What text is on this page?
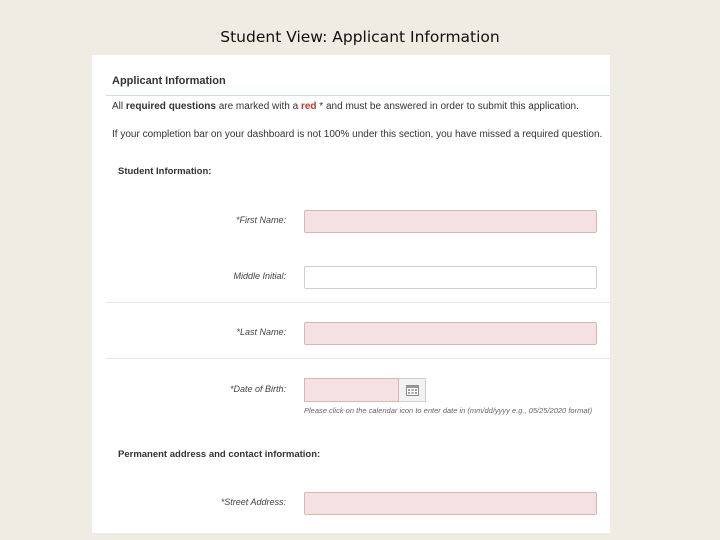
Student View: Applicant Information
Applicant Information
All required questions are marked with a red * and must be answered in order to submit this application.
If your completion bar on your dashboard is not 100% under this section, you have missed a required question.
Student Information:
*First Name:
Middle Initial:
*Last Name:
*Date of Birth:
Please click on the calendar icon to enter date in (mm/dd/yyyy e.g., 05/25/2020 format)
Permanent address and contact information:
*Street Address:
